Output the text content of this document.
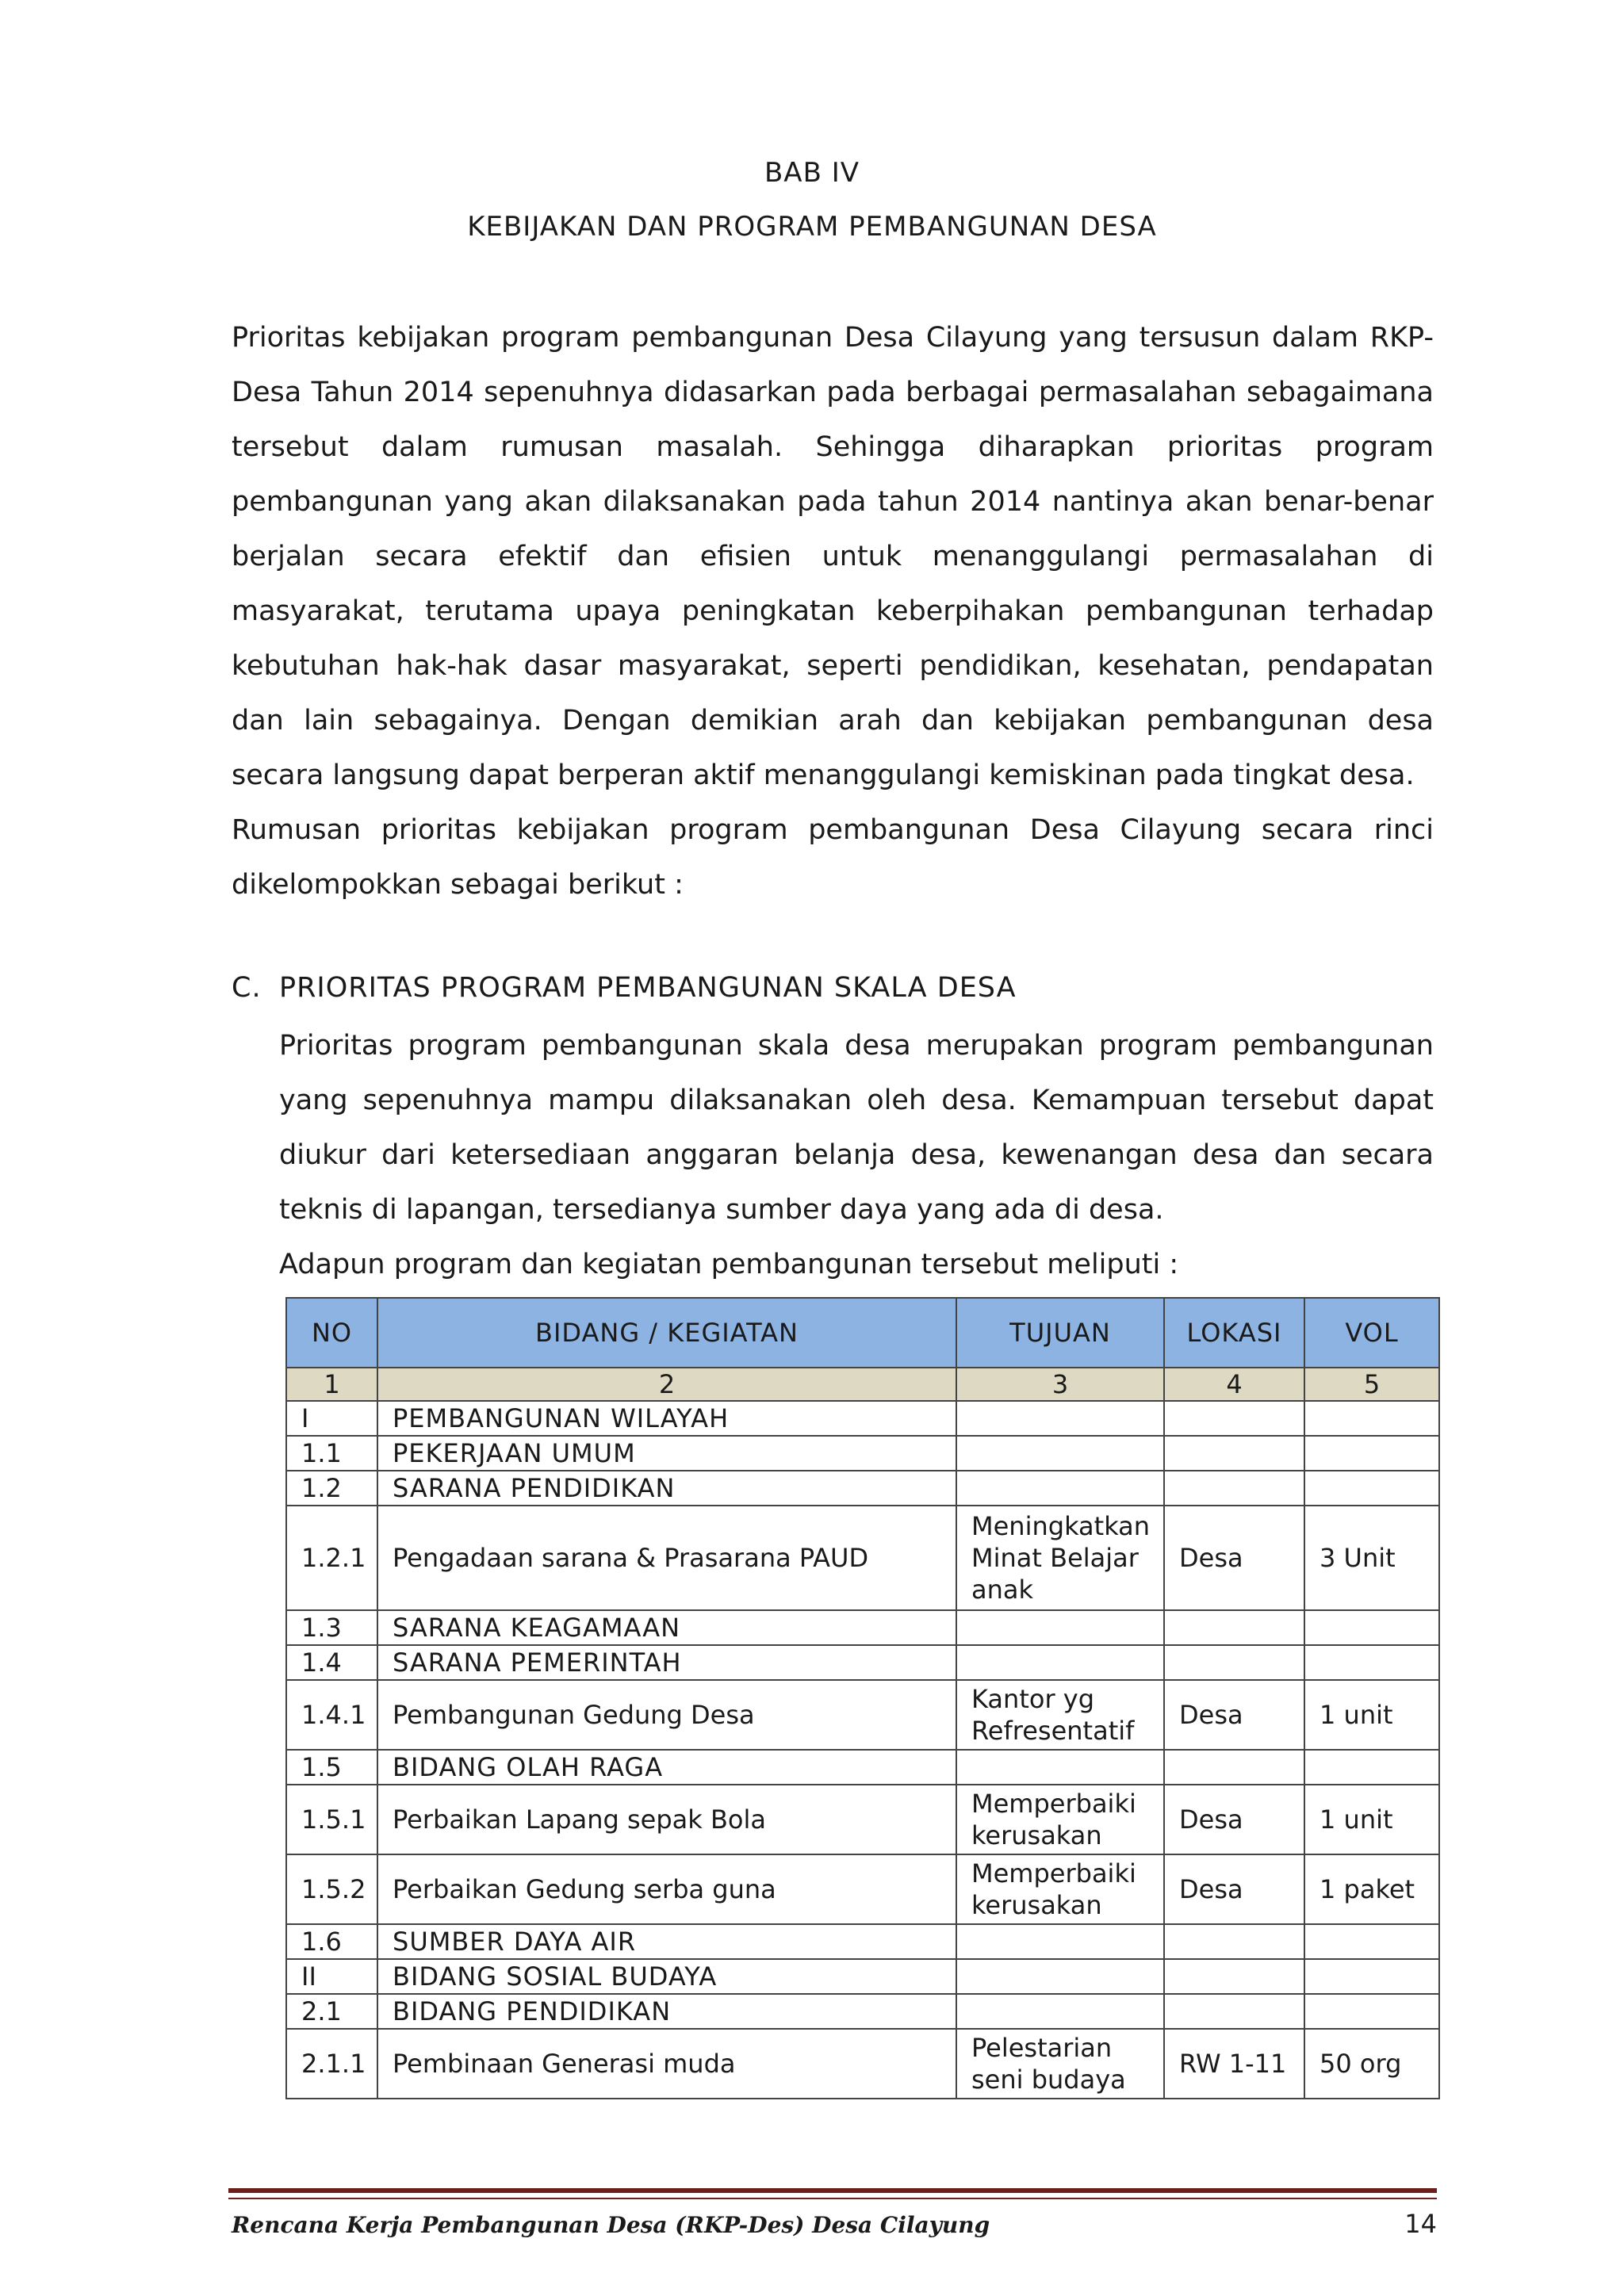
BAB IV
KEBIJAKAN DAN PROGRAM PEMBANGUNAN DESA

Prioritas kebijakan program pembangunan Desa Cilayung yang tersusun dalam RKP-Desa Tahun 2014 sepenuhnya didasarkan pada berbagai permasalahan sebagaimana tersebut dalam rumusan masalah. Sehingga diharapkan prioritas program pembangunan yang akan dilaksanakan pada tahun 2014 nantinya akan benar-benar berjalan secara efektif dan efisien untuk menanggulangi permasalahan di masyarakat, terutama upaya peningkatan keberpihakan pembangunan terhadap kebutuhan hak-hak dasar masyarakat, seperti pendidikan, kesehatan, pendapatan dan lain sebagainya. Dengan demikian arah dan kebijakan pembangunan desa secara langsung dapat berperan aktif menanggulangi kemiskinan pada tingkat desa.

Rumusan prioritas kebijakan program pembangunan Desa Cilayung secara rinci dikelompokkan sebagai berikut :

C. PRIORITAS PROGRAM PEMBANGUNAN SKALA DESA

Prioritas program pembangunan skala desa merupakan program pembangunan yang sepenuhnya mampu dilaksanakan oleh desa. Kemampuan tersebut dapat diukur dari ketersediaan anggaran belanja desa, kewenangan desa dan secara teknis di lapangan, tersedianya sumber daya yang ada di desa.

Adapun program dan kegiatan pembangunan tersebut meliputi :

NO	BIDANG / KEGIATAN	TUJUAN	LOKASI	VOL
1	2	3	4	5
I	PEMBANGUNAN WILAYAH			
1.1	PEKERJAAN UMUM			
1.2	SARANA PENDIDIKAN			
1.2.1	Pengadaan sarana & Prasarana PAUD	Meningkatkan Minat Belajar anak	Desa	3 Unit
1.3	SARANA KEAGAMAAN			
1.4	SARANA PEMERINTAH			
1.4.1	Pembangunan Gedung Desa	Kantor yg Refresentatif	Desa	1 unit
1.5	BIDANG OLAH RAGA			
1.5.1	Perbaikan Lapang sepak Bola	Memperbaiki kerusakan	Desa	1 unit
1.5.2	Perbaikan Gedung serba guna	Memperbaiki kerusakan	Desa	1 paket
1.6	SUMBER DAYA AIR			
II	BIDANG SOSIAL BUDAYA			
2.1	BIDANG PENDIDIKAN			
2.1.1	Pembinaan Generasi muda	Pelestarian seni budaya	RW 1-11	50 org
Rencana Kerja Pembangunan Desa (RKP-Des) Desa Cilayung	14
